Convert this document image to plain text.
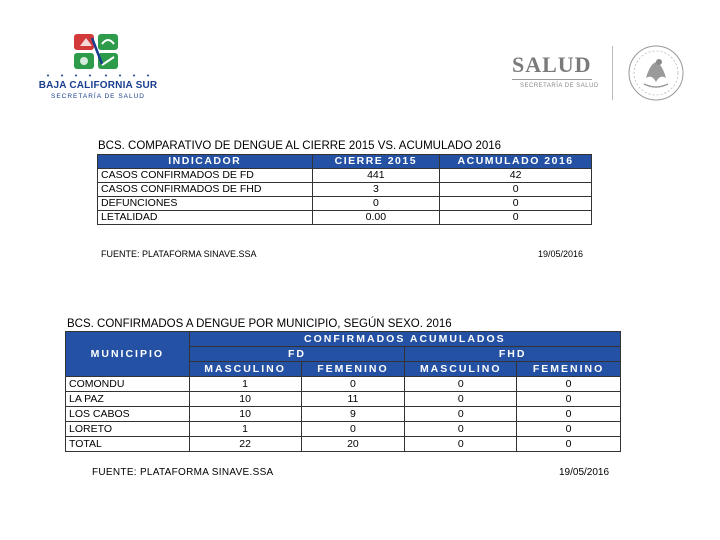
BAJA CALIFORNIA SUR
SECRETARÍA DE SALUD
SALUD
SECRETARÍA DE SALUD
BCS. COMPARATIVO DE DENGUE AL CIERRE 2015 VS. ACUMULADO 2016
INDICADOR	CIERRE 2015	ACUMULADO 2016
CASOS CONFIRMADOS DE FD	441	42
CASOS CONFIRMADOS DE FHD	3	0
DEFUNCIONES	0	0
LETALIDAD	0.00	0
FUENTE: PLATAFORMA SINAVE.SSA	19/05/2016
BCS. CONFIRMADOS A DENGUE POR MUNICIPIO, SEGÚN SEXO. 2016
MUNICIPIO	CONFIRMADOS ACUMULADOS			
	FD		FHD	
	MASCULINO	FEMENINO	MASCULINO	FEMENINO
COMONDU	1	0	0	0
LA PAZ	10	11	0	0
LOS CABOS	10	9	0	0
LORETO	1	0	0	0
TOTAL	22	20	0	0
FUENTE: PLATAFORMA SINAVE.SSA	19/05/2016
